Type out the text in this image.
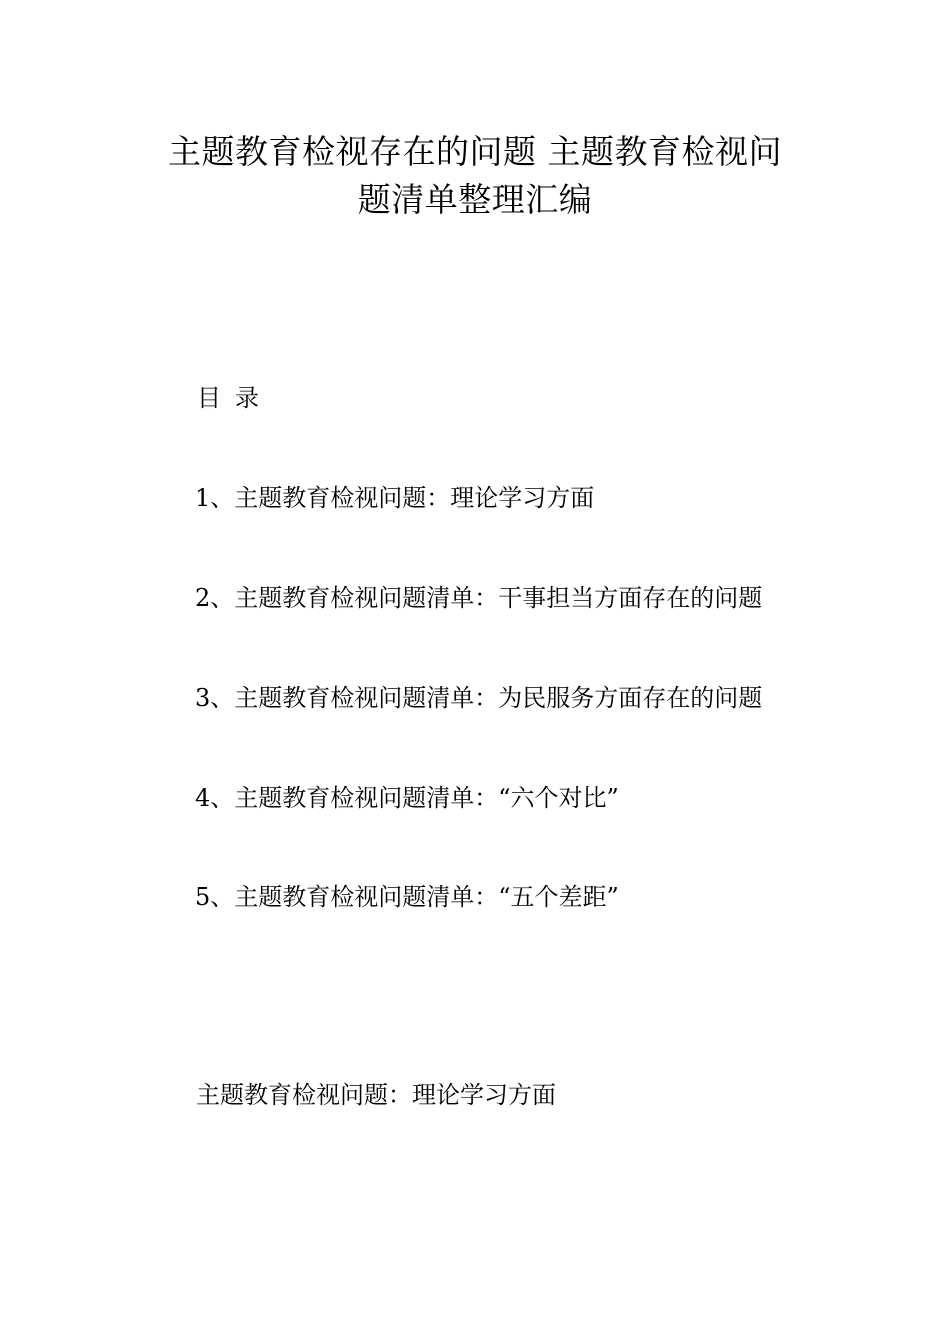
主题教育检视存在的问题 主题教育检视问
题清单整理汇编
目 录
1、主题教育检视问题：理论学习方面
2、主题教育检视问题清单：干事担当方面存在的问题
3、主题教育检视问题清单：为民服务方面存在的问题
4、主题教育检视问题清单：“六个对比”
5、主题教育检视问题清单：“五个差距”
主题教育检视问题：理论学习方面
